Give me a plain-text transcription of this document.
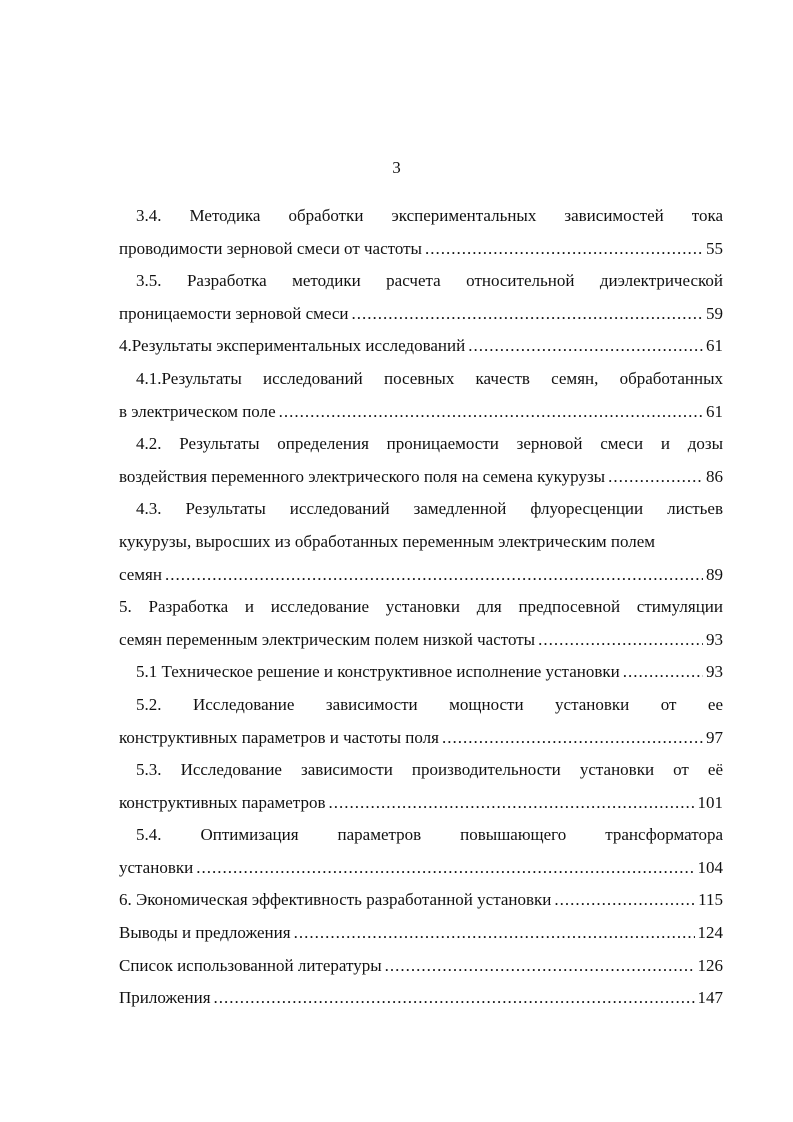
3
3.4. Методика обработки экспериментальных зависимостей тока
проводимости зерновой смеси от частоты .....	55
3.5. Разработка методики расчета относительной диэлектрической
проницаемости зерновой смеси .....	59
4.Результаты экспериментальных исследований .....	61
4.1.Результаты исследований посевных качеств семян, обработанных
в электрическом поле .....	61
4.2. Результаты определения проницаемости зерновой смеси и дозы
воздействия переменного электрического поля на семена кукурузы .....	86
4.3. Результаты исследований замедленной флуоресценции листьев
кукурузы, выросших из обработанных переменным электрическим полем
семян .....	89
5. Разработка и исследование установки для предпосевной стимуляции
семян переменным электрическим полем низкой частоты .....	93
5.1 Техническое решение и конструктивное исполнение установки .....	93
5.2. Исследование зависимости мощности установки от ее
конструктивных параметров и частоты поля .....	97
5.3. Исследование зависимости производительности установки от её
конструктивных параметров .....	101
5.4. Оптимизация параметров повышающего трансформатора
установки .....	104
6. Экономическая эффективность разработанной установки .....	115
Выводы и предложения .....	124
Список использованной литературы .....	126
Приложения .....	147
